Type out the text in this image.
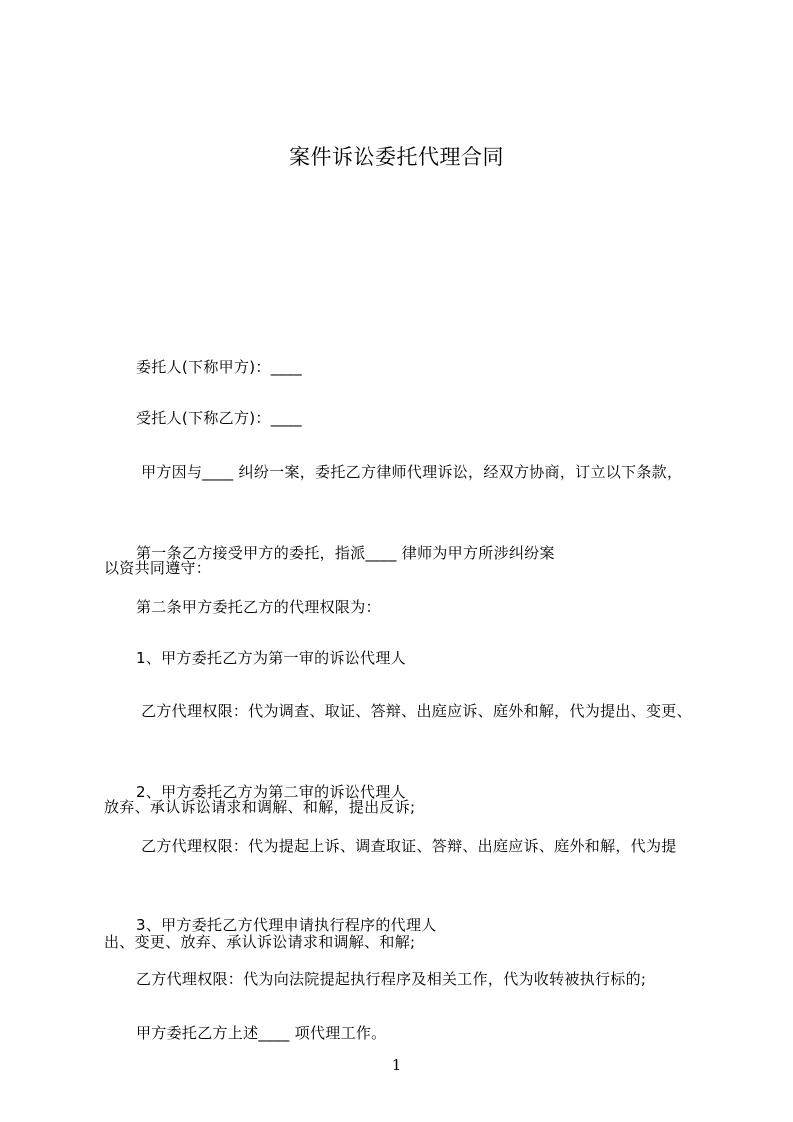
案件诉讼委托代理合同

委托人(下称甲方)：____

受托人(下称乙方)：____

甲方因与____ 纠纷一案，委托乙方律师代理诉讼，经双方协商，订立以下条款，

以资共同遵守：

第一条乙方接受甲方的委托，指派____ 律师为甲方所涉纠纷案

第二条甲方委托乙方的代理权限为：

1、甲方委托乙方为第一审的诉讼代理人

乙方代理权限：代为调查、取证、答辩、出庭应诉、庭外和解，代为提出、变更、

放弃、承认诉讼请求和调解、和解，提出反诉;

2、甲方委托乙方为第二审的诉讼代理人

乙方代理权限：代为提起上诉、调查取证、答辩、出庭应诉、庭外和解，代为提

出、变更、放弃、承认诉讼请求和调解、和解;

3、甲方委托乙方代理申请执行程序的代理人

乙方代理权限：代为向法院提起执行程序及相关工作，代为收转被执行标的;

甲方委托乙方上述____ 项代理工作。

1
